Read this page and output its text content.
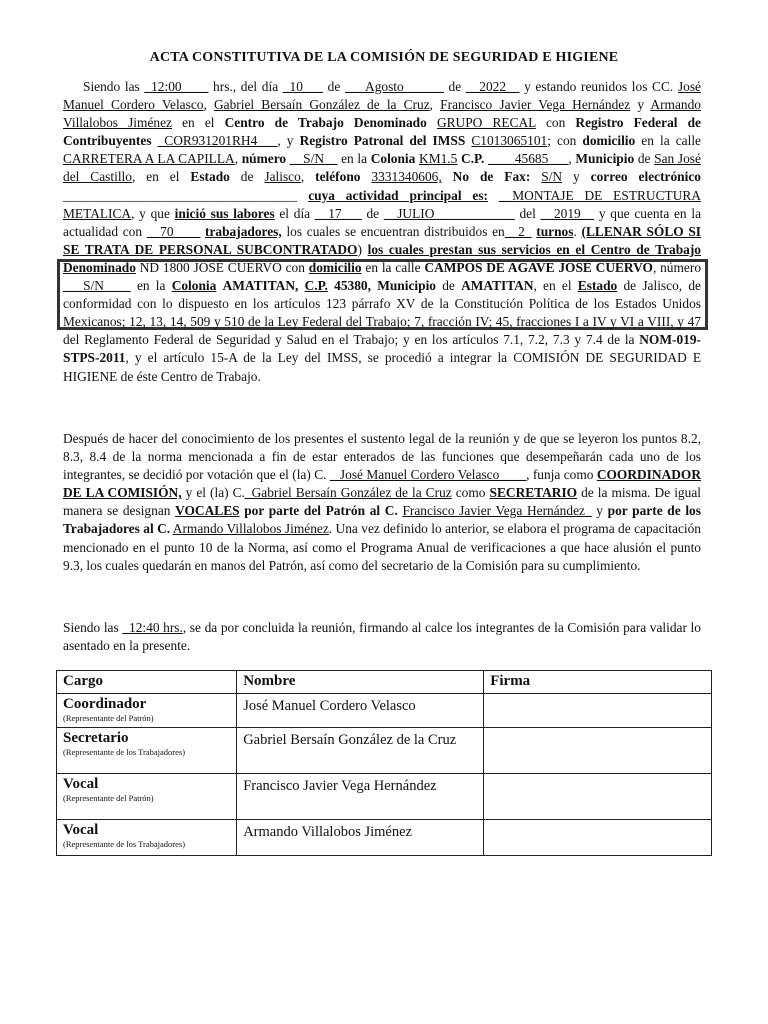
ACTA CONSTITUTIVA DE LA COMISIÓN DE SEGURIDAD E HIGIENE
Siendo las _12:00____ hrs., del día _10___ de ___Agosto______ de __2022__ y estando reunidos los CC. José Manuel Cordero Velasco, Gabriel Bersaín González de la Cruz, Francisco Javier Vega Hernández y Armando Villalobos Jiménez en el Centro de Trabajo Denominado GRUPO RECAL con Registro Federal de Contribuyentes _COR931201RH4___, y Registro Patronal del IMSS C1013065101; con domicilio en la calle CARRETERA A LA CAPILLA, número __S/N__ en la Colonia KM1.5 C.P. ____45685___, Municipio de San José del Castillo, en el Estado de Jalisco, teléfono 3331340606, No de Fax: S/N y correo electrónico ___________________________________ cuya actividad principal es: __MONTAJE DE ESTRUCTURA METALICA, y que inició sus labores el día __17___ de __JULIO____________ del __2019__ y que cuenta en la actualidad con __70____ trabajadores, los cuales se encuentran distribuidos en__2_ turnos. (LLENAR SÓLO SI SE TRATA DE PERSONAL SUBCONTRATADO) los cuales prestan sus servicios en el Centro de Trabajo Denominado ND 1800 JOSÉ CUERVO con domicilio en la calle CAMPOS DE AGAVE JOSÉ CUERVO, número ___S/N____ en la Colonia AMATITAN, C.P. 45380, Municipio de AMATITAN, en el Estado de Jalisco, de conformidad con lo dispuesto en los artículos 123 párrafo XV de la Constitución Política de los Estados Unidos Mexicanos; 12, 13, 14, 509 y 510 de la Ley Federal del Trabajo; 7, fracción IV; 45, fracciones I a IV y VI a VIII, y 47 del Reglamento Federal de Seguridad y Salud en el Trabajo; y en los artículos 7.1, 7.2, 7.3 y 7.4 de la NOM-019-STPS-2011, y el artículo 15-A de la Ley del IMSS, se procedió a integrar la COMISIÓN DE SEGURIDAD E HIGIENE de éste Centro de Trabajo.
Después de hacer del conocimiento de los presentes el sustento legal de la reunión y de que se leyeron los puntos 8.2, 8.3, 8.4 de la norma mencionada a fin de estar enterados de las funciones que desempeñarán cada uno de los integrantes, se decidió por votación que el (la) C. _ José Manuel Cordero Velasco____, funja como COORDINADOR DE LA COMISIÓN, y el (la) C._Gabriel Bersaín González de la Cruz como SECRETARIO de la misma. De igual manera se designan VOCALES por parte del Patrón al C. Francisco Javier Vega Hernández_ y por parte de los Trabajadores al C. Armando Villalobos Jiménez. Una vez definido lo anterior, se elabora el programa de capacitación mencionado en el punto 10 de la Norma, así como el Programa Anual de verificaciones a que hace alusión el punto 9.3, los cuales quedarán en manos del Patrón, así como del secretario de la Comisión para su cumplimiento.
Siendo las _12:40 hrs., se da por concluida la reunión, firmando al calce los integrantes de la Comisión para validar lo asentado en la presente.
Cargo	Nombre	Firma

Coordinador
(Representante del Patrón)	José Manuel Cordero Velasco	

Secretario
(Representante de los Trabajadores)	Gabriel Bersaín González de la Cruz	

Vocal
(Representante del Patrón)	Francisco Javier Vega Hernández	

Vocal
(Representante de los Trabajadores)	Armando Villalobos Jiménez	
